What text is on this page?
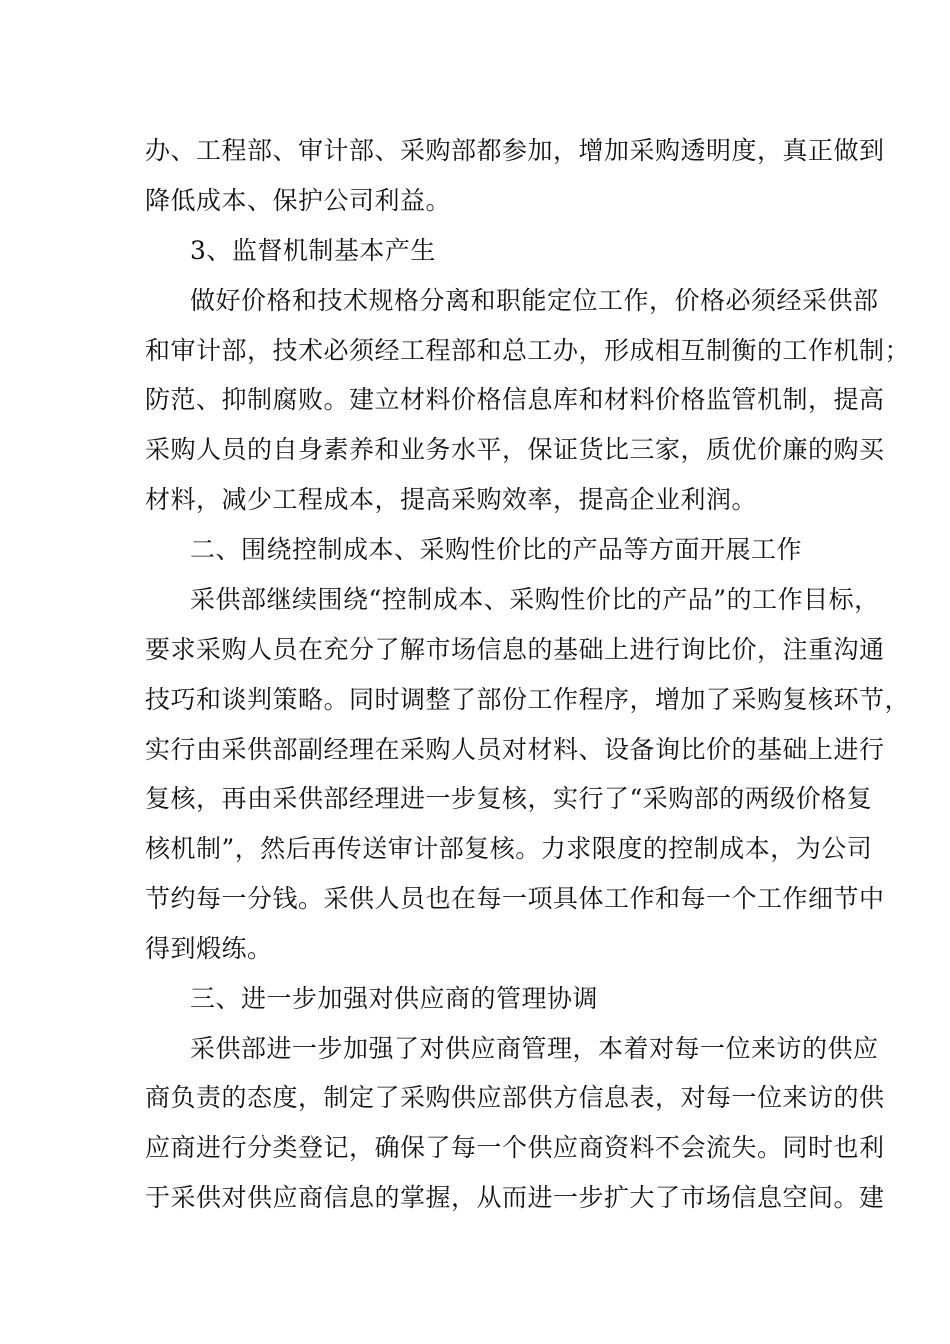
办、工程部、审计部、采购部都参加，增加采购透明度，真正做到
降低成本、保护公司利益。
3、监督机制基本产生
做好价格和技术规格分离和职能定位工作，价格必须经采供部
和审计部，技术必须经工程部和总工办，形成相互制衡的工作机制；
防范、抑制腐败。建立材料价格信息库和材料价格监管机制，提高
采购人员的自身素养和业务水平，保证货比三家，质优价廉的购买
材料，减少工程成本，提高采购效率，提高企业利润。
二、围绕控制成本、采购性价比的产品等方面开展工作
采供部继续围绕“控制成本、采购性价比的产品”的工作目标，
要求采购人员在充分了解市场信息的基础上进行询比价，注重沟通
技巧和谈判策略。同时调整了部份工作程序，增加了采购复核环节，
实行由采供部副经理在采购人员对材料、设备询比价的基础上进行
复核，再由采供部经理进一步复核，实行了“采购部的两级价格复
核机制”，然后再传送审计部复核。力求限度的控制成本，为公司
节约每一分钱。采供人员也在每一项具体工作和每一个工作细节中
得到煅练。
三、进一步加强对供应商的管理协调
采供部进一步加强了对供应商管理，本着对每一位来访的供应
商负责的态度，制定了采购供应部供方信息表，对每一位来访的供
应商进行分类登记，确保了每一个供应商资料不会流失。同时也利
于采供对供应商信息的掌握，从而进一步扩大了市场信息空间。建
